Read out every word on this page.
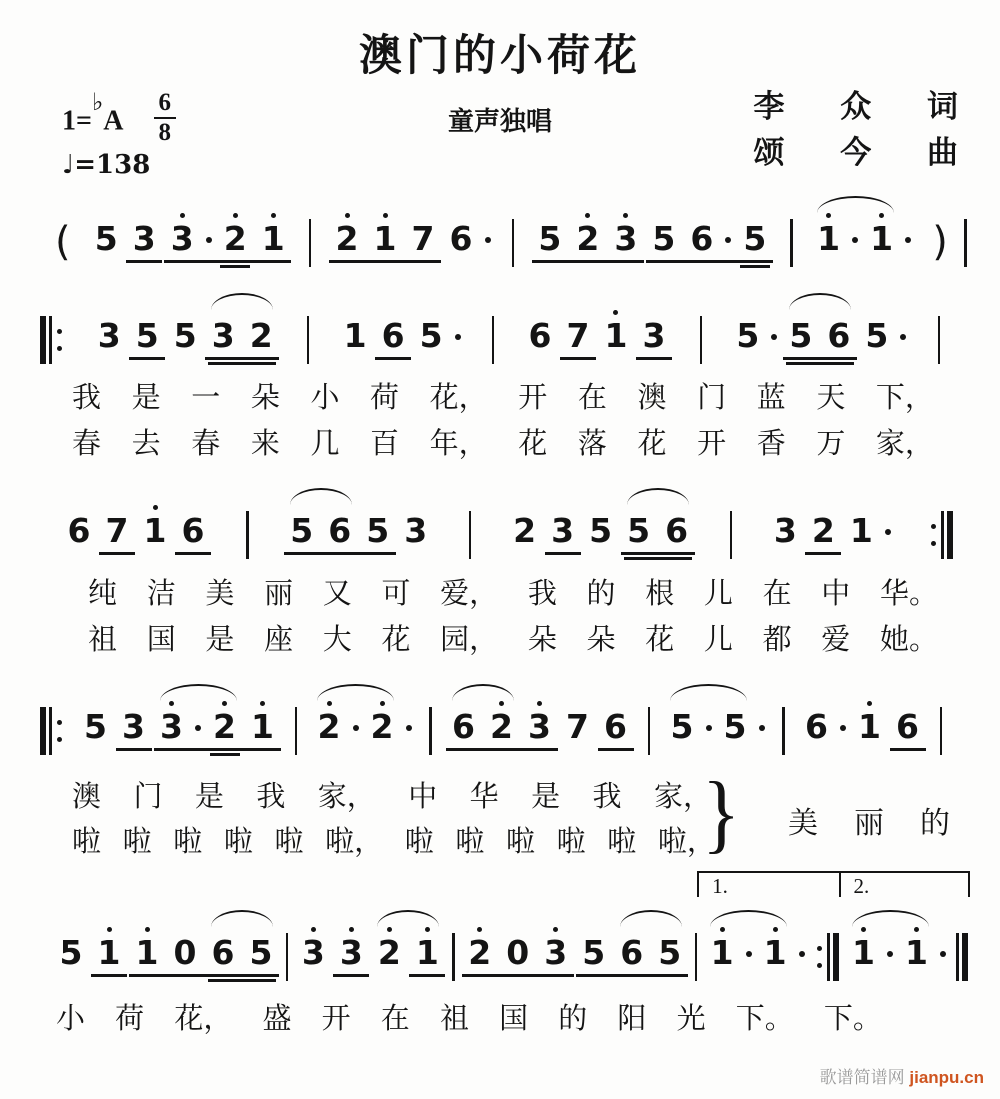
澳门的小荷花
童声独唱
1=♭A $\frac{6}{8}$
♩=138
李 众 词
颂 今 曲
( 5 3 3 2 1 2 1 7 6 5 2 3 5 6 5 1 1 )
3 5 5 3 2 1 6 5	6 7 1 3 5 5 6 5
6 7 1 6	5 6 5 3	2 3 5 5 6	3 2 1
5 3 3 2 1 2 2 6 2 3 7 6 5 5 6 1 6
5 1 1 0 6 5 3 3 2 1 2 0 3 5 6 5 1 1 1 1
我 是 一 朵 小 荷 花， 开 在 澳 门 蓝 天 下，
春 去 春 来 几 百 年， 花 落 花 开 香 万 家，
纯 洁 美 丽 又 可 爱， 我 的 根 儿 在 中 华。
祖 国 是 座 大 花 园， 朵 朵 花 儿 都 爱 她。
澳 门 是 我 家， 中 华 是 我 家，
啦 啦 啦 啦 啦 啦， 啦 啦 啦 啦 啦 啦，
} 美丽的
1.	2.
小 荷 花， 盛 开 在 祖 国 的 阳 光 下。 下。
歌谱简谱网 jianpu.cn
